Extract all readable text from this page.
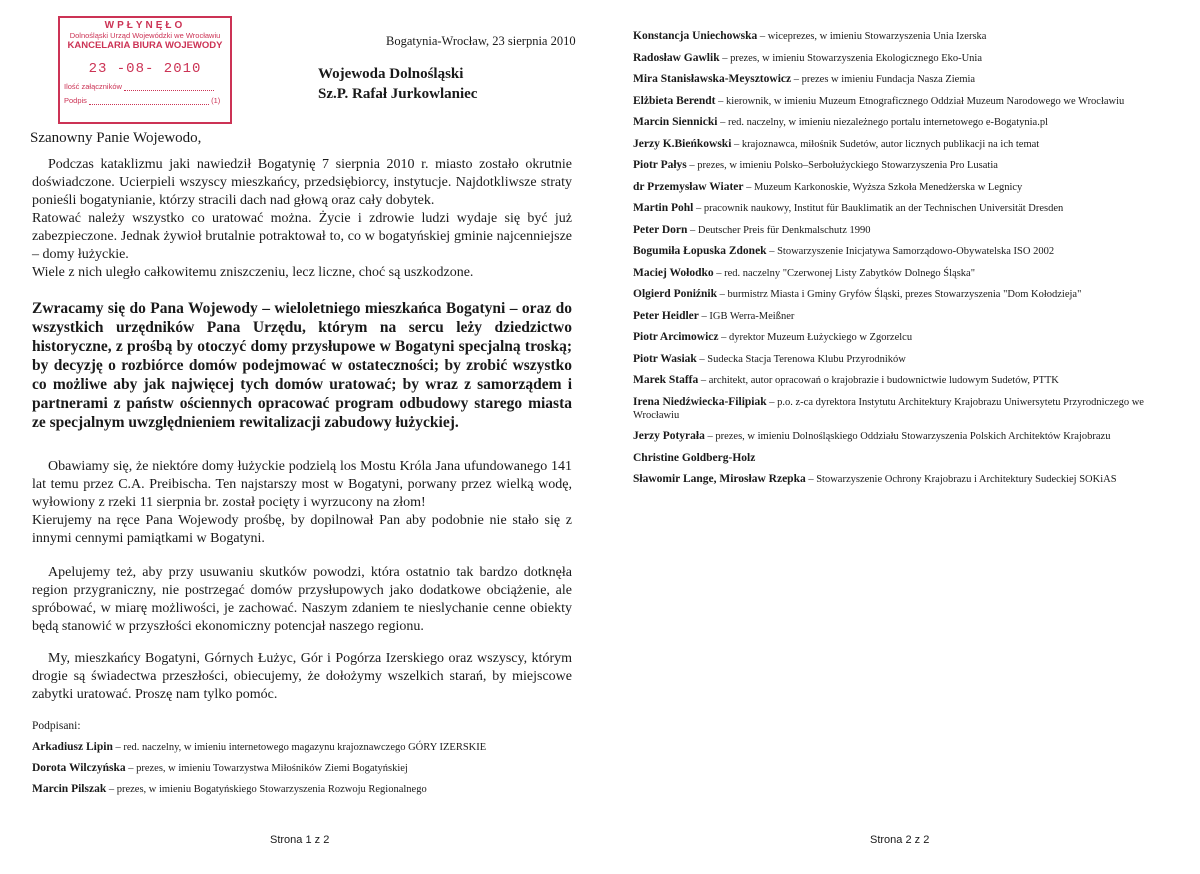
WPŁYNĘŁO
Dolnośląski Urząd Wojewódzki we Wrocławiu
KANCELARIA BIURA WOJEWODY
23 -08- 2010
Ilość załączników
Podpis	(1)
Bogatynia-Wrocław, 23 sierpnia 2010
Wojewoda Dolnośląski
Sz.P. Rafał Jurkowlaniec
Szanowny Panie Wojewodo,

Podczas kataklizmu jaki nawiedził Bogatynię 7 sierpnia 2010 r. miasto zostało okrutnie doświadczone. Ucierpieli wszyscy mieszkańcy, przedsiębiorcy, instytucje. Najdotkliwsze straty ponieśli bogatynianie, którzy stracili dach nad głową oraz cały dobytek.

Ratować należy wszystko co uratować można. Życie i zdrowie ludzi wydaje się być już zabezpieczone. Jednak żywioł brutalnie potraktował to, co w bogatyńskiej gminie najcenniejsze – domy łużyckie.

Wiele z nich uległo całkowitemu zniszczeniu, lecz liczne, choć są uszkodzone.

Zwracamy się do Pana Wojewody – wieloletniego mieszkańca Bogatyni – oraz do wszystkich urzędników Pana Urzędu, którym na sercu leży dziedzictwo historyczne, z prośbą by otoczyć domy przysłupowe w Bogatyni specjalną troską; by decyzję o rozbiórce domów podejmować w ostateczności; by zrobić wszystko co możliwe aby jak najwięcej tych domów uratować; by wraz z samorządem i partnerami z państw ościennych opracować program odbudowy starego miasta ze specjalnym uwzględnieniem rewitalizacji zabudowy łużyckiej.

Obawiamy się, że niektóre domy łużyckie podzielą los Mostu Króla Jana ufundowanego 141 lat temu przez C.A. Preibischa. Ten najstarszy most w Bogatyni, porwany przez wielką wodę, wyłowiony z rzeki 11 sierpnia br. został pocięty i wyrzucony na złom!

Kierujemy na ręce Pana Wojewody prośbę, by dopilnował Pan aby podobnie nie stało się z innymi cennymi pamiątkami w Bogatyni.

Apelujemy też, aby przy usuwaniu skutków powodzi, która ostatnio tak bardzo dotknęła region przygraniczny, nie postrzegać domów przysłupowych jako dodatkowe obciążenie, ale spróbować, w miarę możliwości, je zachować. Naszym zdaniem te nieslychanie cenne obiekty będą stanowić w przyszłości ekonomiczny potencjał naszego regionu.
My, mieszkańcy Bogatyni, Górnych Łużyc, Gór i Pogórza Izerskiego oraz wszyscy, którym drogie są świadectwa przeszłości, obiecujemy, że dołożymy wszelkich starań, by miejscowe zabytki uratować. Proszę nam tylko pomóc.
Podpisani:
Arkadiusz Lipin – red. naczelny, w imieniu internetowego magazynu krajoznawczego GÓRY IZERSKIE
Dorota Wilczyńska – prezes, w imieniu Towarzystwa Miłośników Ziemi Bogatyńskiej
Marcin Pilszak – prezes, w imieniu Bogatyńskiego Stowarzyszenia Rozwoju Regionalnego
Strona 1 z 2
Konstancja Uniechowska – wiceprezes, w imieniu Stowarzyszenia Unia Izerska
Radosław Gawlik – prezes, w imieniu Stowarzyszenia Ekologicznego Eko-Unia
Mira Stanisławska-Meysztowicz – prezes w imieniu Fundacja Nasza Ziemia
Elżbieta Berendt – kierownik, w imieniu Muzeum Etnograficznego Oddział Muzeum Narodowego we Wrocławiu
Marcin Siennicki – red. naczelny, w imieniu niezależnego portalu internetowego e-Bogatynia.pl
Jerzy K.Bieńkowski – krajoznawca, miłośnik Sudetów, autor licznych publikacji na ich temat
Piotr Pałys – prezes, w imieniu Polsko–Serbołużyckiego Stowarzyszenia Pro Lusatia
dr Przemysław Wiater – Muzeum Karkonoskie, Wyższa Szkoła Menedżerska w Legnicy
Martin Pohl – pracownik naukowy, Institut für Bauklimatik an der Technischen Universität Dresden
Peter Dorn – Deutscher Preis für Denkmalschutz 1990
Bogumiła Łopuska Zdonek – Stowarzyszenie Inicjatywa Samorządowo-Obywatelska ISO 2002
Maciej Wołodko – red. naczelny "Czerwonej Listy Zabytków Dolnego Śląska"
Olgierd Poniźnik – burmistrz Miasta i Gminy Gryfów Śląski, prezes Stowarzyszenia "Dom Kołodzieja"
Peter Heidler – IGB Werra-Meißner
Piotr Arcimowicz – dyrektor Muzeum Łużyckiego w Zgorzelcu
Piotr Wasiak – Sudecka Stacja Terenowa Klubu Przyrodników
Marek Staffa – architekt, autor opracowań o krajobrazie i budownictwie ludowym Sudetów, PTTK
Irena Niedźwiecka-Filipiak – p.o. z-ca dyrektora Instytutu Architektury Krajobrazu Uniwersytetu Przyrodniczego we Wrocławiu
Jerzy Potyrała – prezes, w imieniu Dolnośląskiego Oddziału Stowarzyszenia Polskich Architektów Krajobrazu
Christine Goldberg-Holz
Sławomir Lange, Mirosław Rzepka – Stowarzyszenie Ochrony Krajobrazu i Architektury Sudeckiej SOKiAS
Strona 2 z 2
